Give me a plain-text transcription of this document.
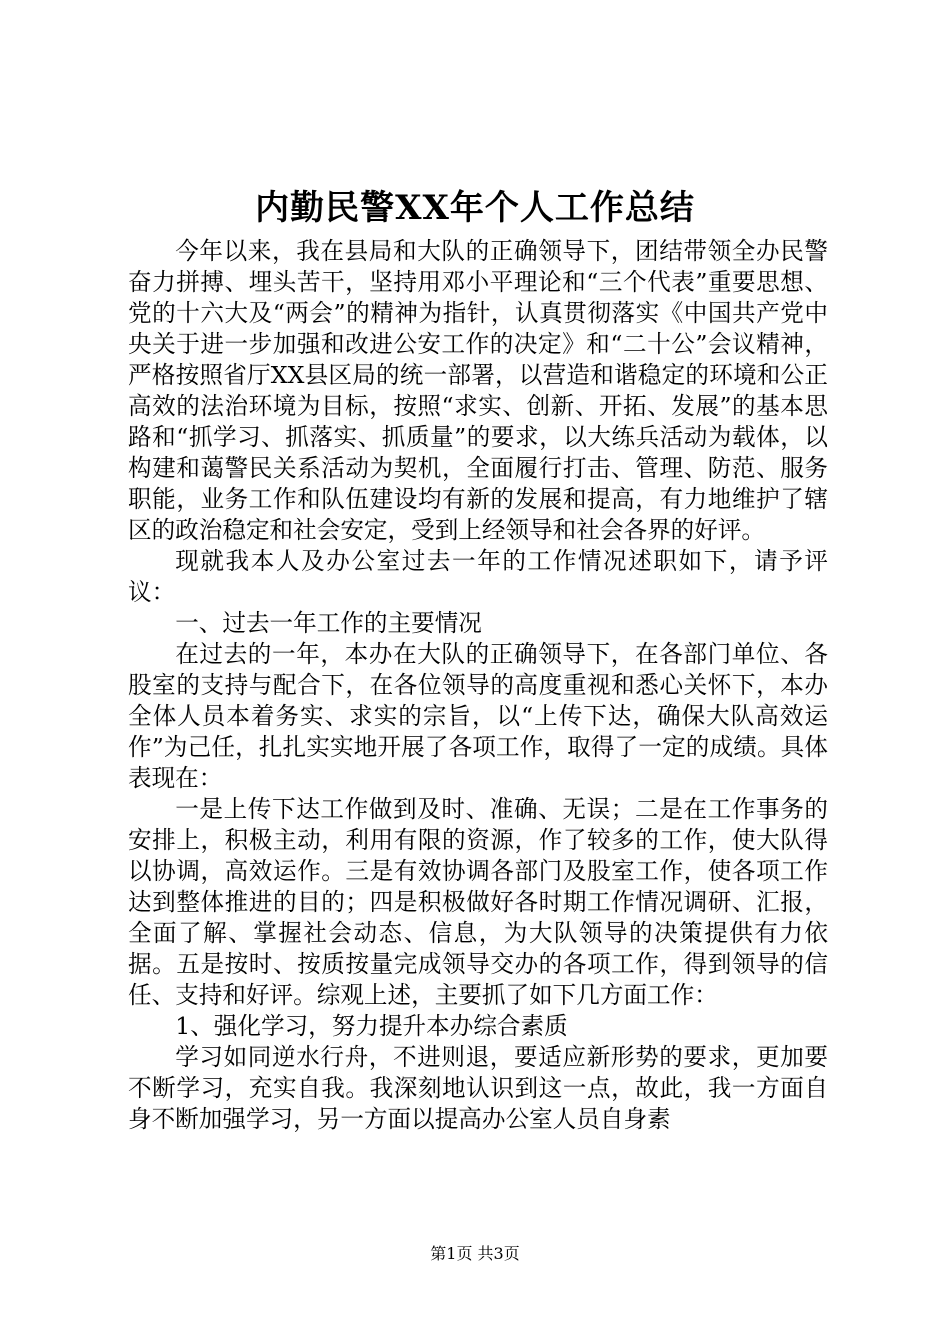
内勤民警XX年个人工作总结

今年以来，我在县局和大队的正确领导下，团结带领全办民警奋力拼搏、埋头苦干，坚持用邓小平理论和“三个代表”重要思想、党的十六大及“两会”的精神为指针，认真贯彻落实《中国共产党中央关于进一步加强和改进公安工作的决定》和“二十公”会议精神，严格按照省厅XX县区局的统一部署，以营造和谐稳定的环境和公正高效的法治环境为目标，按照“求实、创新、开拓、发展”的基本思路和“抓学习、抓落实、抓质量”的要求，以大练兵活动为载体，以构建和蔼警民关系活动为契机，全面履行打击、管理、防范、服务职能，业务工作和队伍建设均有新的发展和提高，有力地维护了辖区的政治稳定和社会安定，受到上经领导和社会各界的好评。

现就我本人及办公室过去一年的工作情况述职如下，请予评议：

一、过去一年工作的主要情况

在过去的一年，本办在大队的正确领导下，在各部门单位、各股室的支持与配合下，在各位领导的高度重视和悉心关怀下，本办全体人员本着务实、求实的宗旨，以“上传下达，确保大队高效运作”为己任，扎扎实实地开展了各项工作，取得了一定的成绩。具体表现在：

一是上传下达工作做到及时、准确、无误；二是在工作事务的安排上，积极主动，利用有限的资源，作了较多的工作，使大队得以协调，高效运作。三是有效协调各部门及股室工作，使各项工作达到整体推进的目的；四是积极做好各时期工作情况调研、汇报，全面了解、掌握社会动态、信息，为大队领导的决策提供有力依据。五是按时、按质按量完成领导交办的各项工作，得到领导的信任、支持和好评。综观上述，主要抓了如下几方面工作：

1、强化学习，努力提升本办综合素质

学习如同逆水行舟，不进则退，要适应新形势的要求，更加要不断学习，充实自我。我深刻地认识到这一点，故此，我一方面自身不断加强学习，另一方面以提高办公室人员自身素

第1页 共3页
